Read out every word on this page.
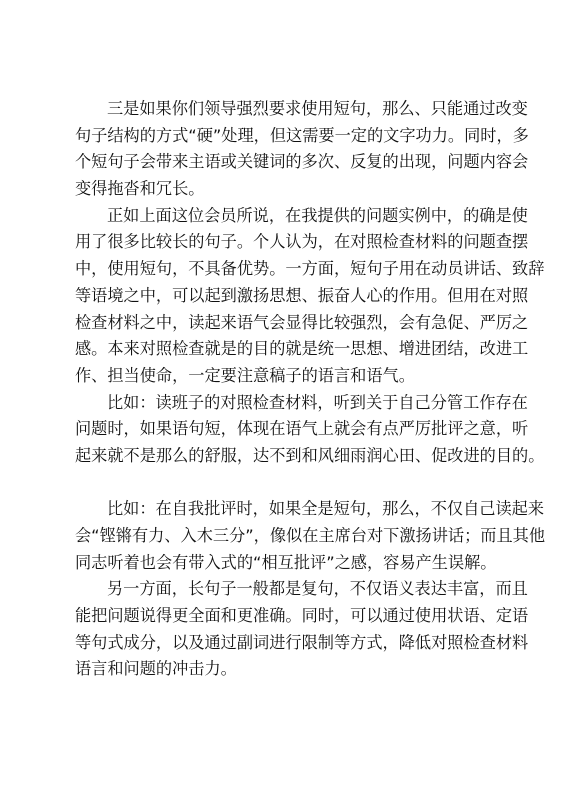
三是如果你们领导强烈要求使用短句，那么、只能通过改变
句子结构的方式“硬”处理，但这需要一定的文字功力。同时，多
个短句子会带来主语或关键词的多次、反复的出现，问题内容会
变得拖沓和冗长。
正如上面这位会员所说，在我提供的问题实例中，的确是使
用了很多比较长的句子。个人认为，在对照检查材料的问题查摆
中，使用短句，不具备优势。一方面，短句子用在动员讲话、致辞
等语境之中，可以起到激扬思想、振奋人心的作用。但用在对照
检查材料之中，读起来语气会显得比较强烈，会有急促、严厉之
感。本来对照检查就是的目的就是统一思想、增进团结，改进工
作、担当使命，一定要注意稿子的语言和语气。
比如：读班子的对照检查材料，听到关于自己分管工作存在
问题时，如果语句短，体现在语气上就会有点严厉批评之意，听
起来就不是那么的舒服，达不到和风细雨润心田、促改进的目的。
比如：在自我批评时，如果全是短句，那么，不仅自己读起来
会“铿锵有力、入木三分”，像似在主席台对下激扬讲话；而且其他
同志听着也会有带入式的“相互批评”之感，容易产生误解。
另一方面，长句子一般都是复句，不仅语义表达丰富，而且
能把问题说得更全面和更准确。同时，可以通过使用状语、定语
等句式成分，以及通过副词进行限制等方式，降低对照检查材料
语言和问题的冲击力。
